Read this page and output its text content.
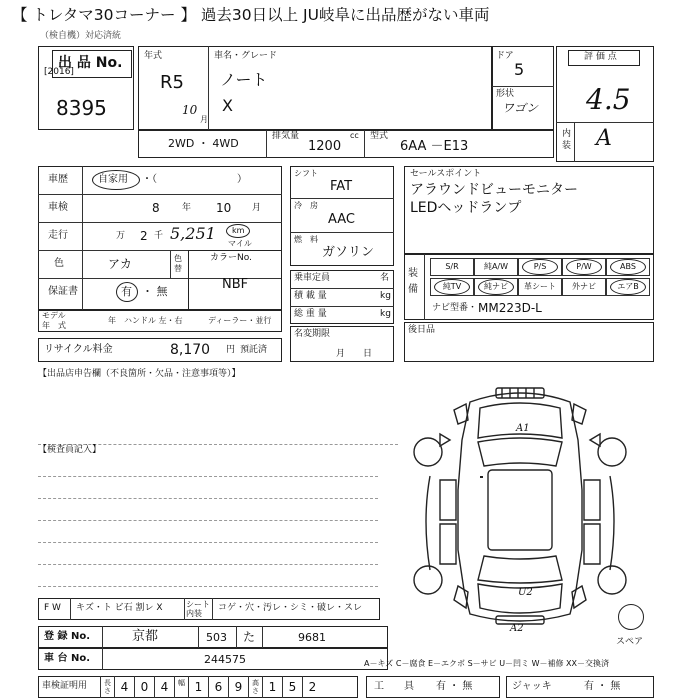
【 トレタマ30コーナー 】 過去30日以上 JU岐阜に出品歴がない車両
（検自機）対応済統
出 品 No.
[2016]
8395
年式
R5
10
月
車名・グレード
ノート
X
ドア
5
形状
ワゴン
評 価 点
4.5
内装 A
2WD ・ 4WD
排気量
1200
cc 型式
6AA －E13
車歴	自家用 ・（　　　　　　　　）
車検	8 年 10 月
走行	万 2 千 5,251 km
マイル
色	アカ	色替
保証書	有 ・ 無
カラーNo.
NBF
モデル
年　式
年 ハンドル 左・右	ディーラー・並行
リサイクル料金	8,170 円 預託済
シフト
FAT
冷　房
AAC
燃　料
ガソリン
乗車定員	名
積 載 量	kg
総 重 量	kg
名変期限
月　　日
セールスポイント
アラウンドビューモニター
LEDヘッドランプ
装備
S/R	純A/W	P/S	P/W	ABS
純TV	純ナビ	革シート	外ナビ	エアB
ナビ型番・ MM223D-L
後日品
【出品店申告欄（不良箇所・欠品・注意事項等）】
【検査員記入】
A1
U2
A2
スペア
F W キズ・ト ビ石 割レ X	シート内装
コゲ・穴・汚レ・シミ・破レ・スレ
登 録 No.	京都	503 た	9681
車 台 No.	244575	A－キズ C－腐食 E－エクボ S－サビ U－凹ミ W－補修 XX－交換済
車検証明用	長さ 4	0	4	幅 1	6	9	高さ 1	5	2	工　　具 有 ・ 無	ジャッキ	有 ・ 無
